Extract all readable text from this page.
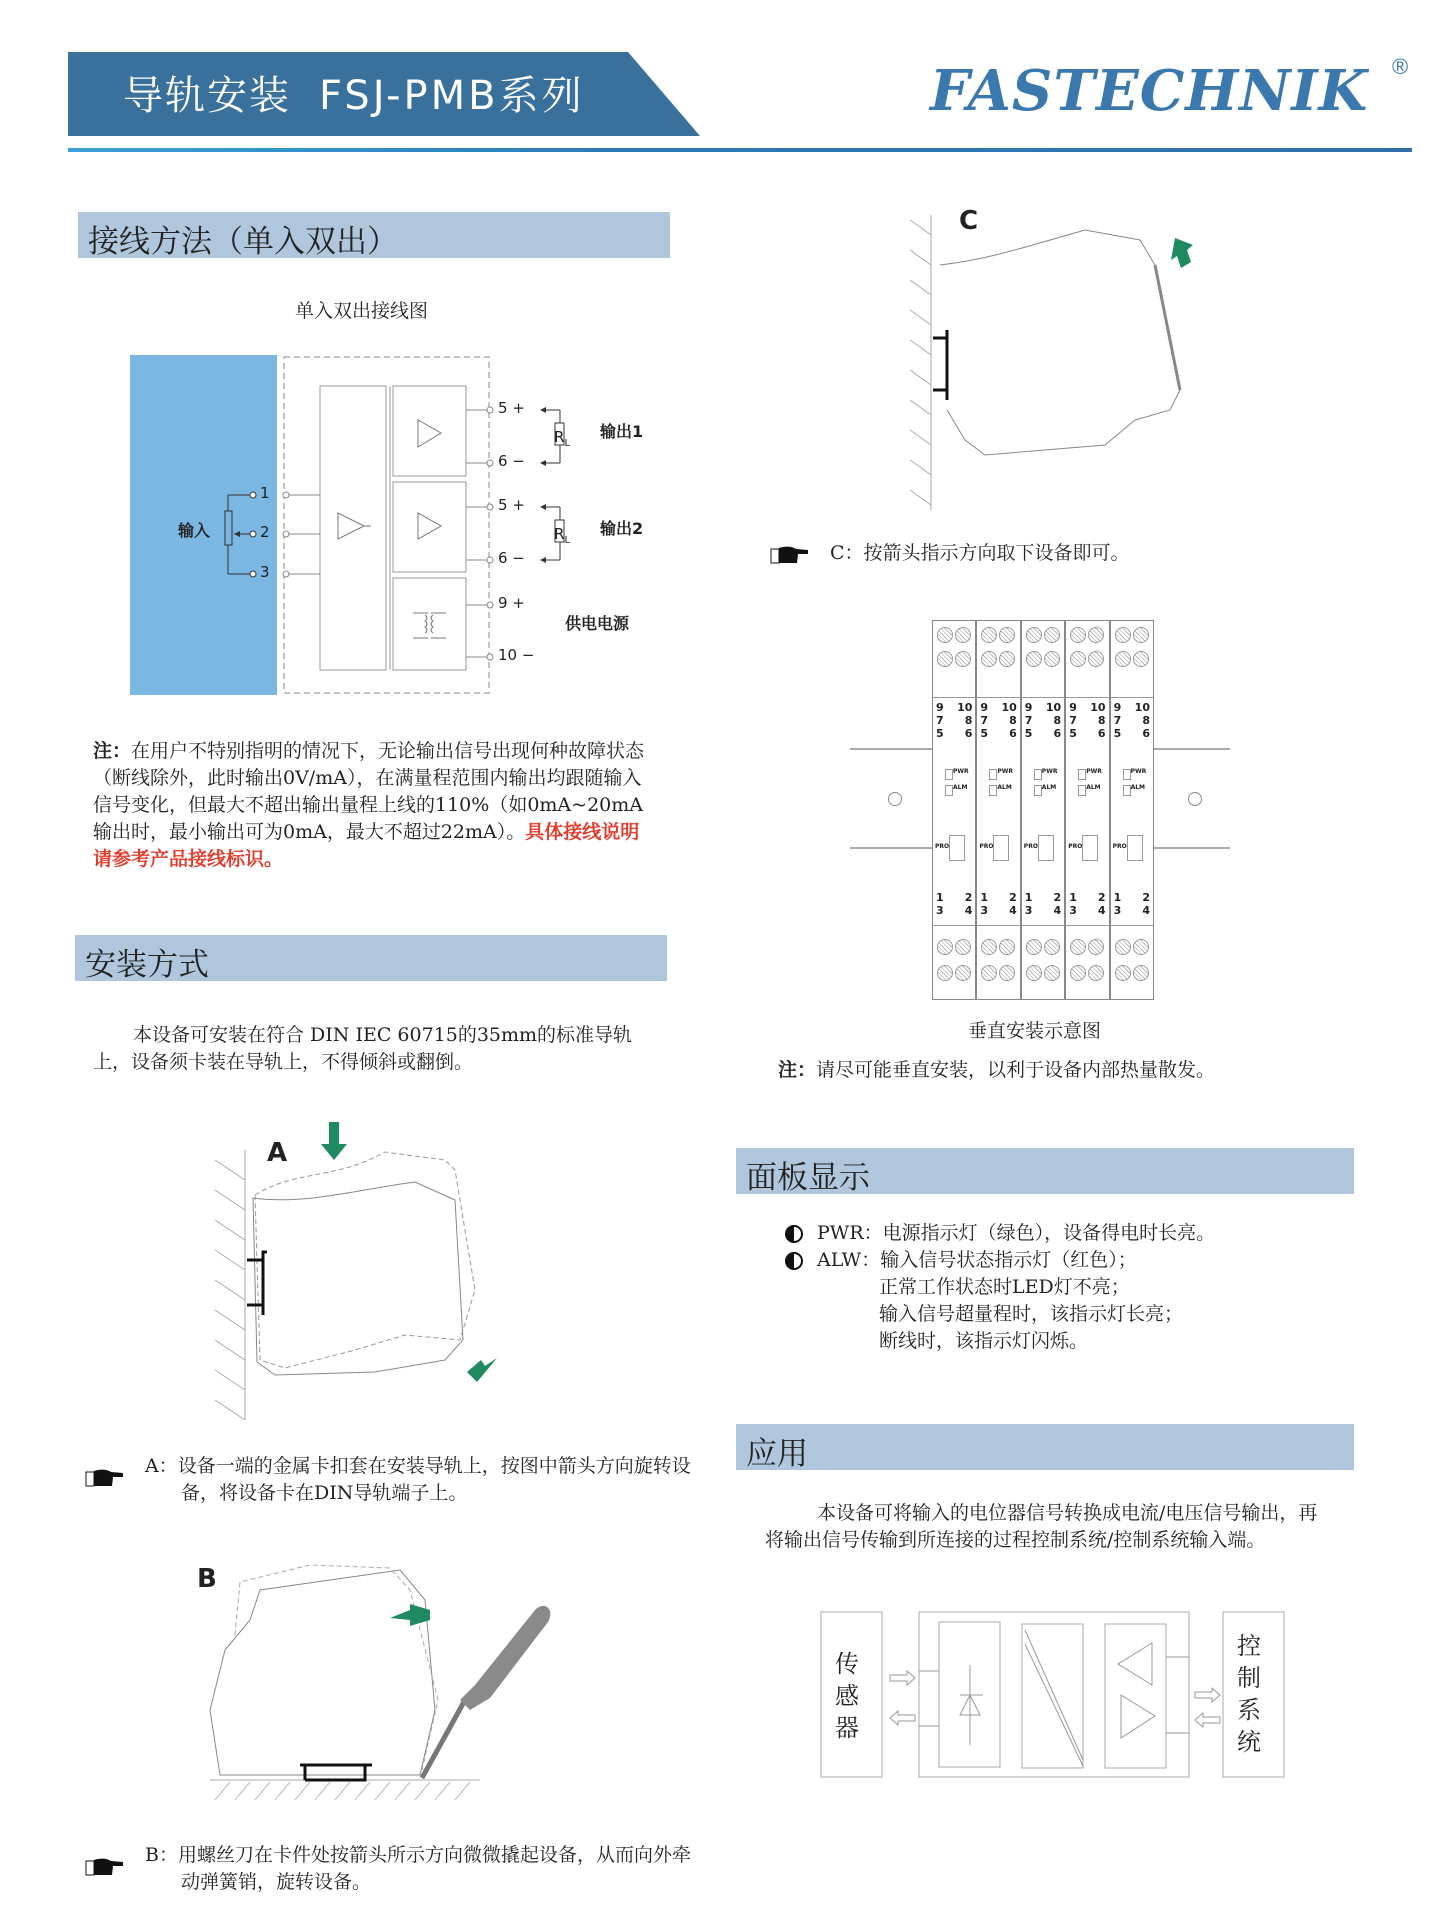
导轨安装 FSJ-PMB系列	FASTECHNIK ®
接线方法（单入双出）
单入双出接线图
输入
1
2
3
5 +
6 −
5 +
6 −
9 +
10 −
$R_L$
$R_L$
输出1
输出2
供电电源
注：在用户不特别指明的情况下，无论输出信号出现何种故障状态（断线除外，此时输出0V/mA），在满量程范围内输出均跟随输入信号变化，但最大不超出输出量程上线的110%（如0mA~20mA输出时，最小输出可为0mA，最大不超过22mA）。具体接线说明请参考产品接线标识。
安装方式
本设备可安装在符合 DIN IEC 60715的35mm的标准导轨上，设备须卡装在导轨上，不得倾斜或翻倒。
A
A：设备一端的金属卡扣套在安装导轨上，按图中箭头方向旋转设备，将设备卡在DIN导轨端子上。
B
B：用螺丝刀在卡件处按箭头所示方向微微撬起设备，从而向外牵动弹簧销，旋转设备。
C
C：按箭头指示方向取下设备即可。
9 10
7 8
5 6
1 2
3 4
PWR
ALM
PRO
9 10
7 8
5 6
1 2
3 4
PWR
ALM
PRO
9 10
7 8
5 6
1 2
3 4
PWR
ALM
PRO
9 10
7 8
5 6
1 2
3 4
PWR
ALM
PRO
9 10
7 8
5 6
1 2
3 4
PWR
ALM
PRO
垂直安装示意图
注：请尽可能垂直安装，以利于设备内部热量散发。
面板显示
PWR：电源指示灯（绿色），设备得电时长亮。
ALW：输入信号状态指示灯（红色）；
正常工作状态时LED灯不亮；
输入信号超量程时，该指示灯长亮；
断线时，该指示灯闪烁。
应用
本设备可将输入的电位器信号转换成电流/电压信号输出，再将输出信号传输到所连接的过程控制系统/控制系统输入端。
传感器
控制系统
